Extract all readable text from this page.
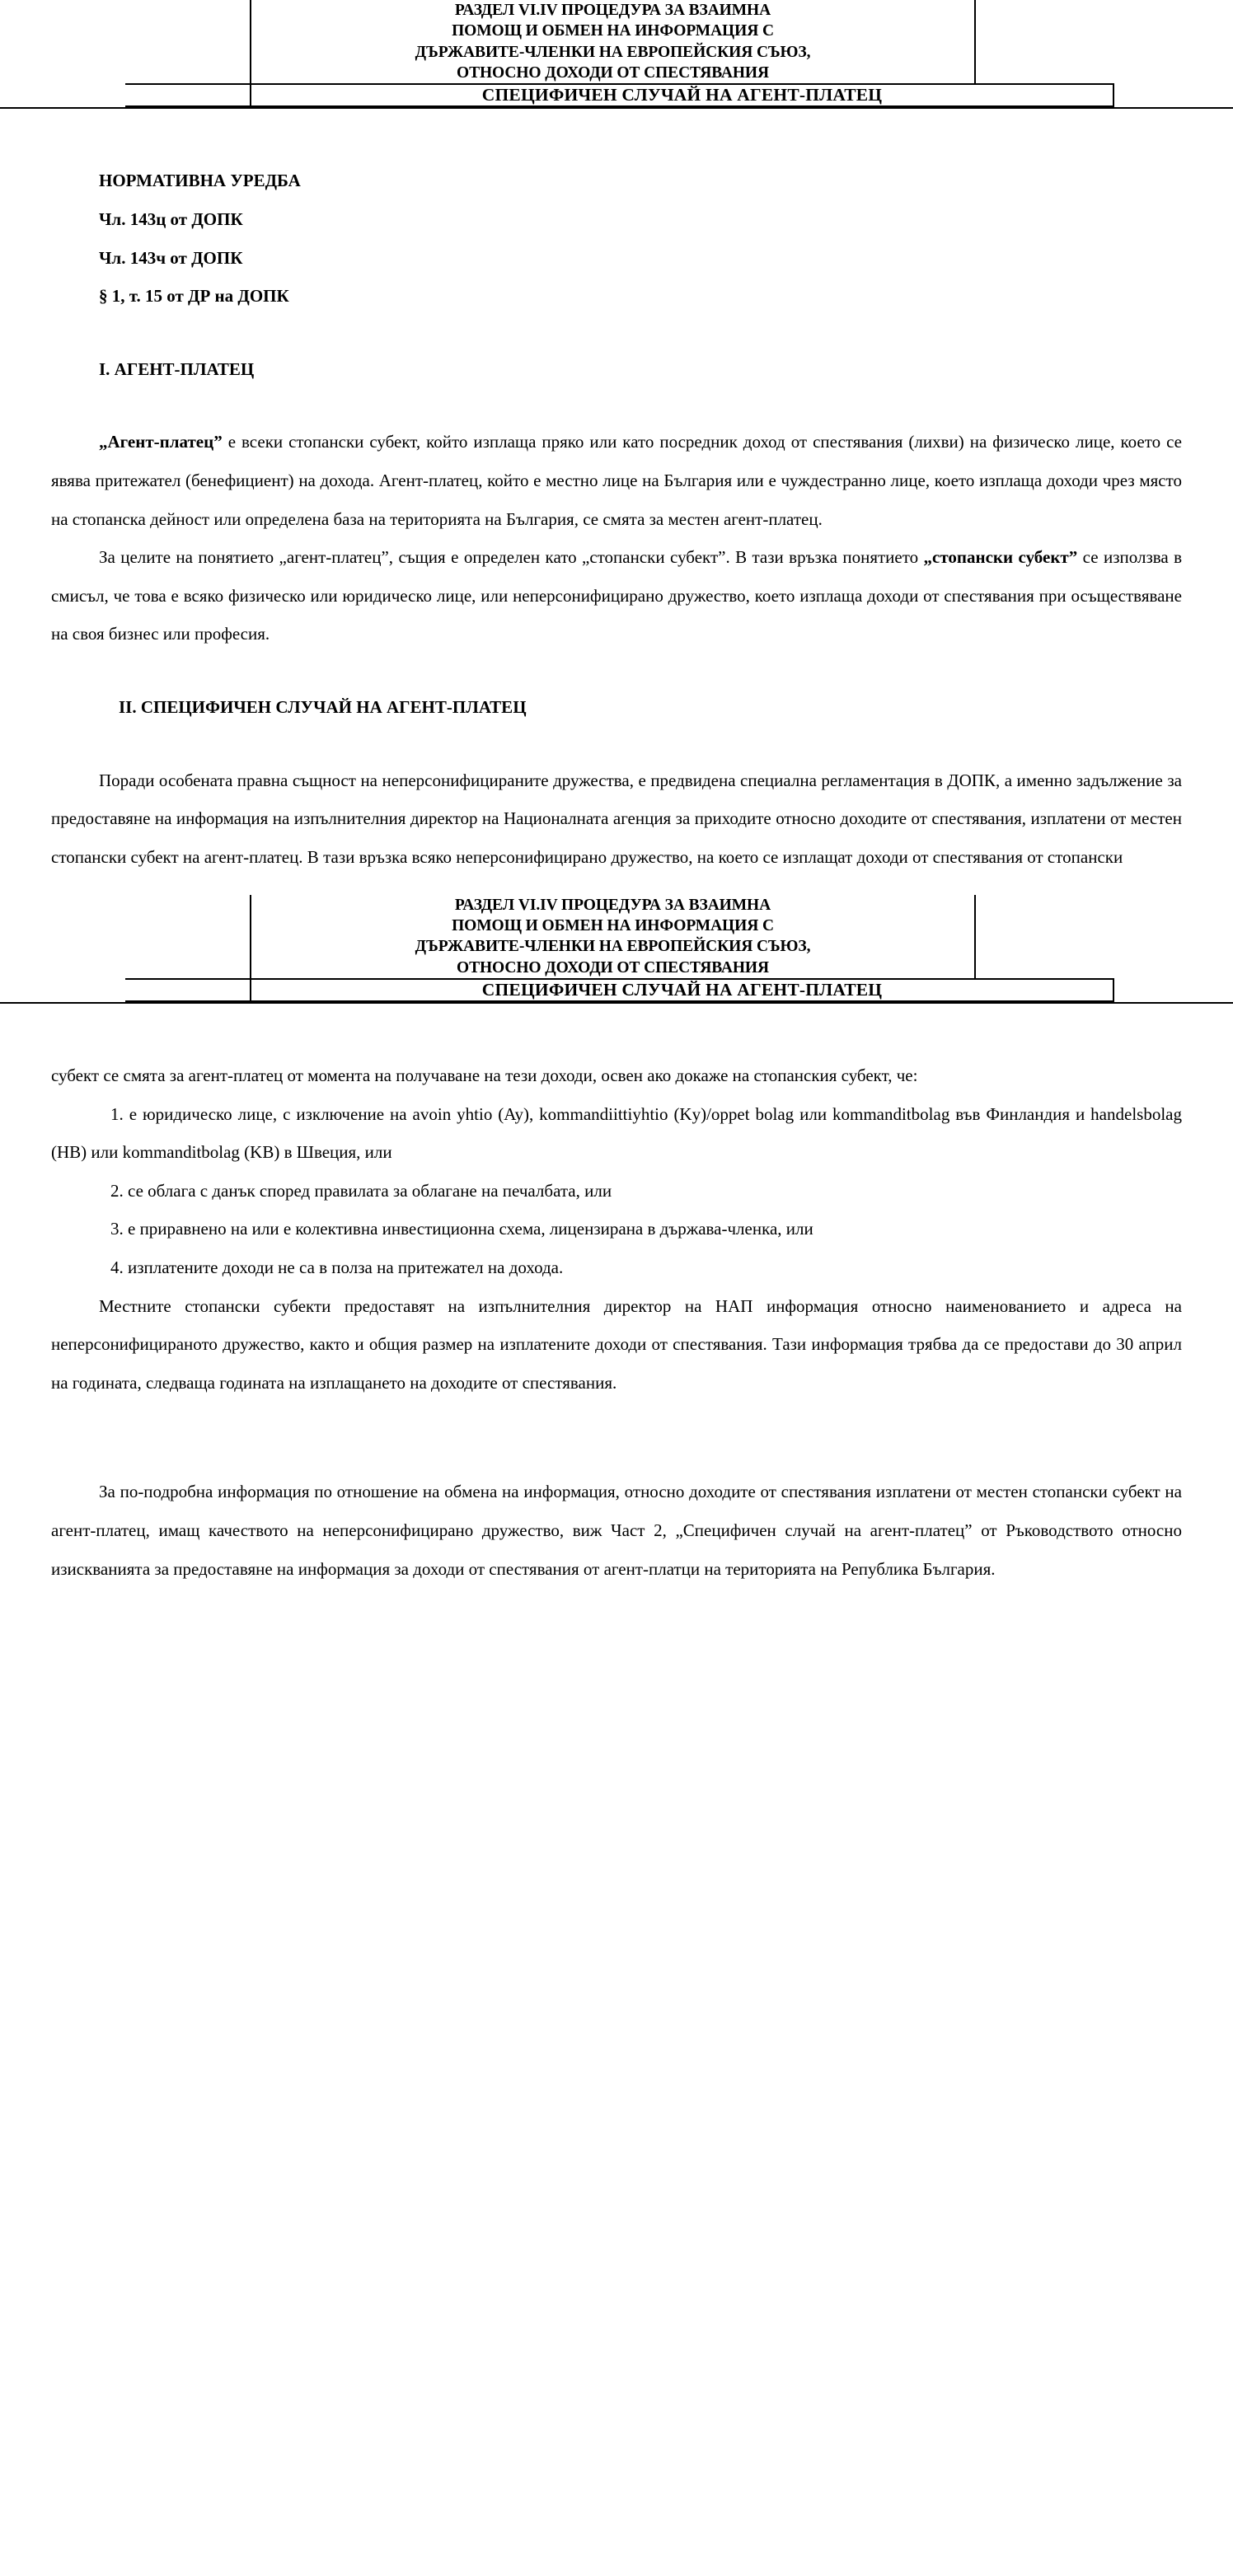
	РАЗДЕЛ VI.IV ПРОЦЕДУРА ЗА ВЗАИМНА
ПОМОЩ И ОБМЕН НА ИНФОРМАЦИЯ С
ДЪРЖАВИТЕ-ЧЛЕНКИ НА ЕВРОПЕЙСКИЯ СЪЮЗ,
ОТНОСНО ДОХОДИ ОТ СПЕСТЯВАНИЯ	

	СПЕЦИФИЧЕН СЛУЧАЙ НА АГЕНТ-ПЛАТЕЦ	
НОРМАТИВНА УРЕДБА
Чл. 143ц от ДОПК
Чл. 143ч от ДОПК
§ 1, т. 15 от ДР на ДОПК
I. АГЕНТ-ПЛАТЕЦ

„Агент-платец” е всеки стопански субект, който изплаща пряко или като посредник доход от спестявания (лихви) на физическо лице, което се явява притежател (бенефициент) на дохода. Агент-платец, който е местно лице на България или е чуждестранно лице, което изплаща доходи чрез място на стопанска дейност или определена база на територията на България, се смята за местен агент-платец.

За целите на понятието „агент-платец”, същия е определен като „стопански субект”. В тази връзка понятието „стопански субект” се използва в смисъл, че това е всяко физическо или юридическо лице, или неперсонифицирано дружество, което изплаща доходи от спестявания при осъществяване на своя бизнес или професия.

II. СПЕЦИФИЧЕН СЛУЧАЙ НА АГЕНТ-ПЛАТЕЦ

Поради особената правна същност на неперсонифицираните дружества, е предвидена специална регламентация в ДОПК, а именно задължение за предоставяне на информация на изпълнителния директор на Националната агенция за приходите относно доходите от спестявания, изплатени от местен стопански субект на агент-платец. В тази връзка всяко неперсонифицирано дружество, на което се изплащат доходи от спестявания от стопански

	РАЗДЕЛ VI.IV ПРОЦЕДУРА ЗА ВЗАИМНА
ПОМОЩ И ОБМЕН НА ИНФОРМАЦИЯ С
ДЪРЖАВИТЕ-ЧЛЕНКИ НА ЕВРОПЕЙСКИЯ СЪЮЗ,
ОТНОСНО ДОХОДИ ОТ СПЕСТЯВАНИЯ	

	СПЕЦИФИЧЕН СЛУЧАЙ НА АГЕНТ-ПЛАТЕЦ	

субект се смята за агент-платец от момента на получаване на тези доходи, освен ако докаже на стопанския субект, че:

1. е юридическо лице, с изключение на avoin yhtio (Ay), kommandiittiyhtio (Ky)/oppet bolag или kommanditbolag във Финландия и handelsbolag (HB) или kommanditbolag (KB) в Швеция, или

2. се облага с данък според правилата за облагане на печалбата, или

3. е приравнено на или е колективна инвестиционна схема, лицензирана в държава-членка, или

4. изплатените доходи не са в полза на притежател на дохода.

Местните стопански субекти предоставят на изпълнителния директор на НАП информация относно наименованието и адреса на неперсонифицираното дружество, както и общия размер на изплатените доходи от спестявания. Тази информация трябва да се предостави до 30 април на годината, следваща годината на изплащането на доходите от спестявания.

За по-подробна информация по отношение на обмена на информация, относно доходите от спестявания изплатени от местен стопански субект на агент-платец, имащ качеството на неперсонифицирано дружество, виж Част 2, „Специфичен случай на агент-платец” от Ръководството относно изискванията за предоставяне на информация за доходи от спестявания от агент-платци на територията на Република България.
